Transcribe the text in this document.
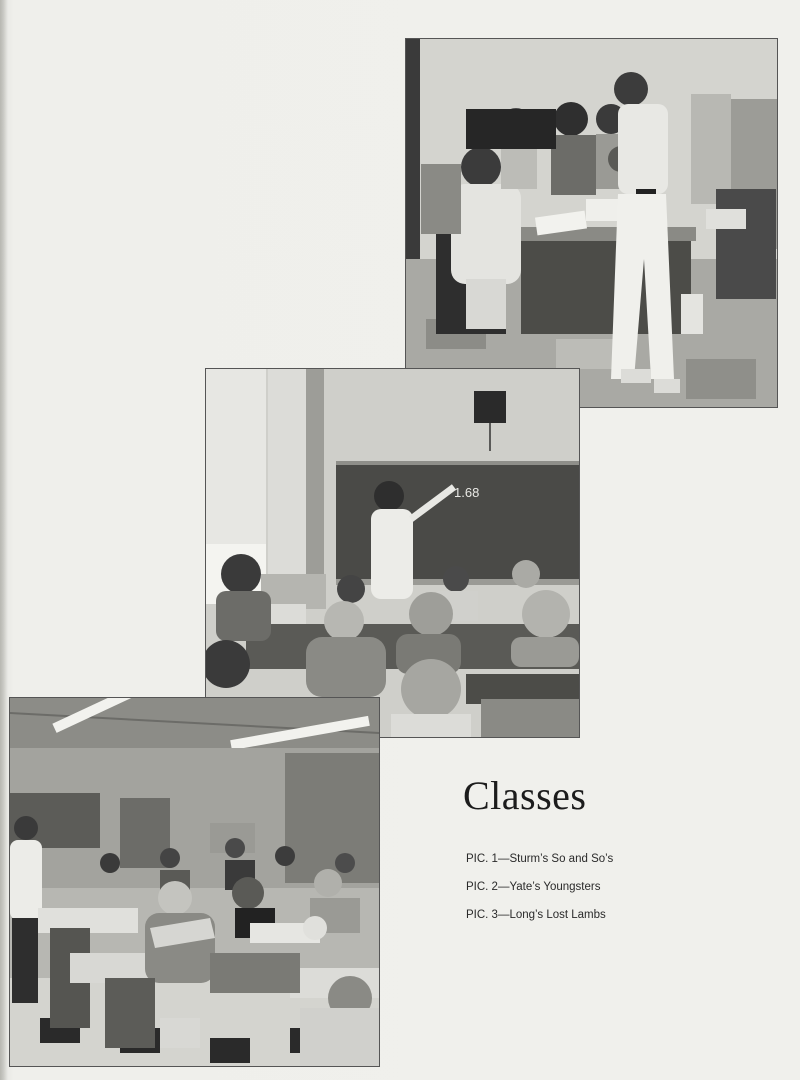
1.68
Classes
PIC. 1—Sturm’s So and So’s
PIC. 2—Yate’s Youngsters
PIC. 3—Long’s Lost Lambs
